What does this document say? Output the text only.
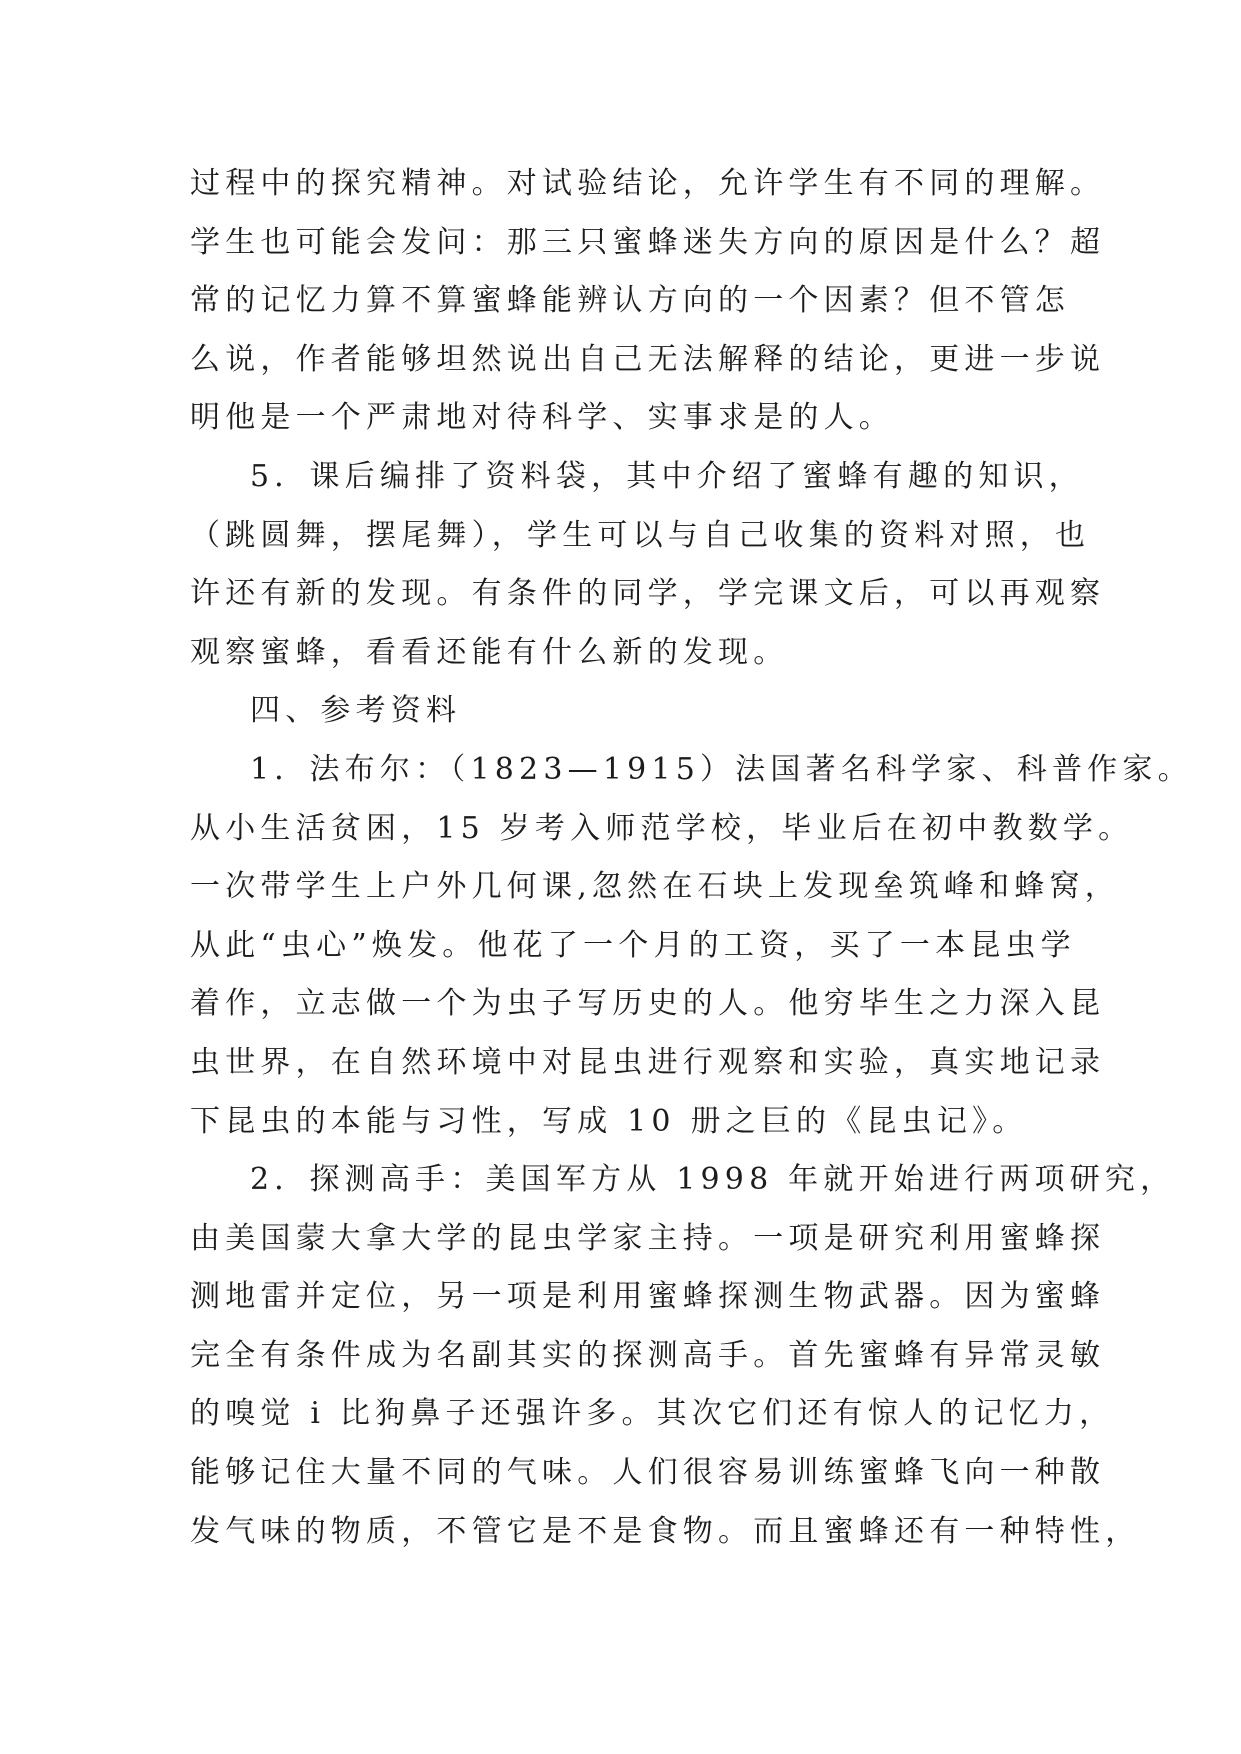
过程中的探究精神。对试验结论，允许学生有不同的理解。
学生也可能会发问：那三只蜜蜂迷失方向的原因是什么？超
常的记忆力算不算蜜蜂能辨认方向的一个因素？但不管怎
么说，作者能够坦然说出自己无法解释的结论，更进一步说
明他是一个严肃地对待科学、实事求是的人。
5．课后编排了资料袋，其中介绍了蜜蜂有趣的知识，
（跳圆舞，摆尾舞），学生可以与自己收集的资料对照，也
许还有新的发现。有条件的同学，学完课文后，可以再观察
观察蜜蜂，看看还能有什么新的发现。
四、参考资料
1．法布尔：（1823—1915）法国著名科学家、科普作家。
从小生活贫困，15 岁考入师范学校，毕业后在初中教数学。
一次带学生上户外几何课,忽然在石块上发现垒筑峰和蜂窝，
从此“虫心”焕发。他花了一个月的工资，买了一本昆虫学
着作，立志做一个为虫子写历史的人。他穷毕生之力深入昆
虫世界，在自然环境中对昆虫进行观察和实验，真实地记录
下昆虫的本能与习性，写成 10 册之巨的《昆虫记》。
2．探测高手：美国军方从 1998 年就开始进行两项研究，
由美国蒙大拿大学的昆虫学家主持。一项是研究利用蜜蜂探
测地雷并定位，另一项是利用蜜蜂探测生物武器。因为蜜蜂
完全有条件成为名副其实的探测高手。首先蜜蜂有异常灵敏
的嗅觉 i 比狗鼻子还强许多。其次它们还有惊人的记忆力，
能够记住大量不同的气味。人们很容易训练蜜蜂飞向一种散
发气味的物质，不管它是不是食物。而且蜜蜂还有一种特性，
